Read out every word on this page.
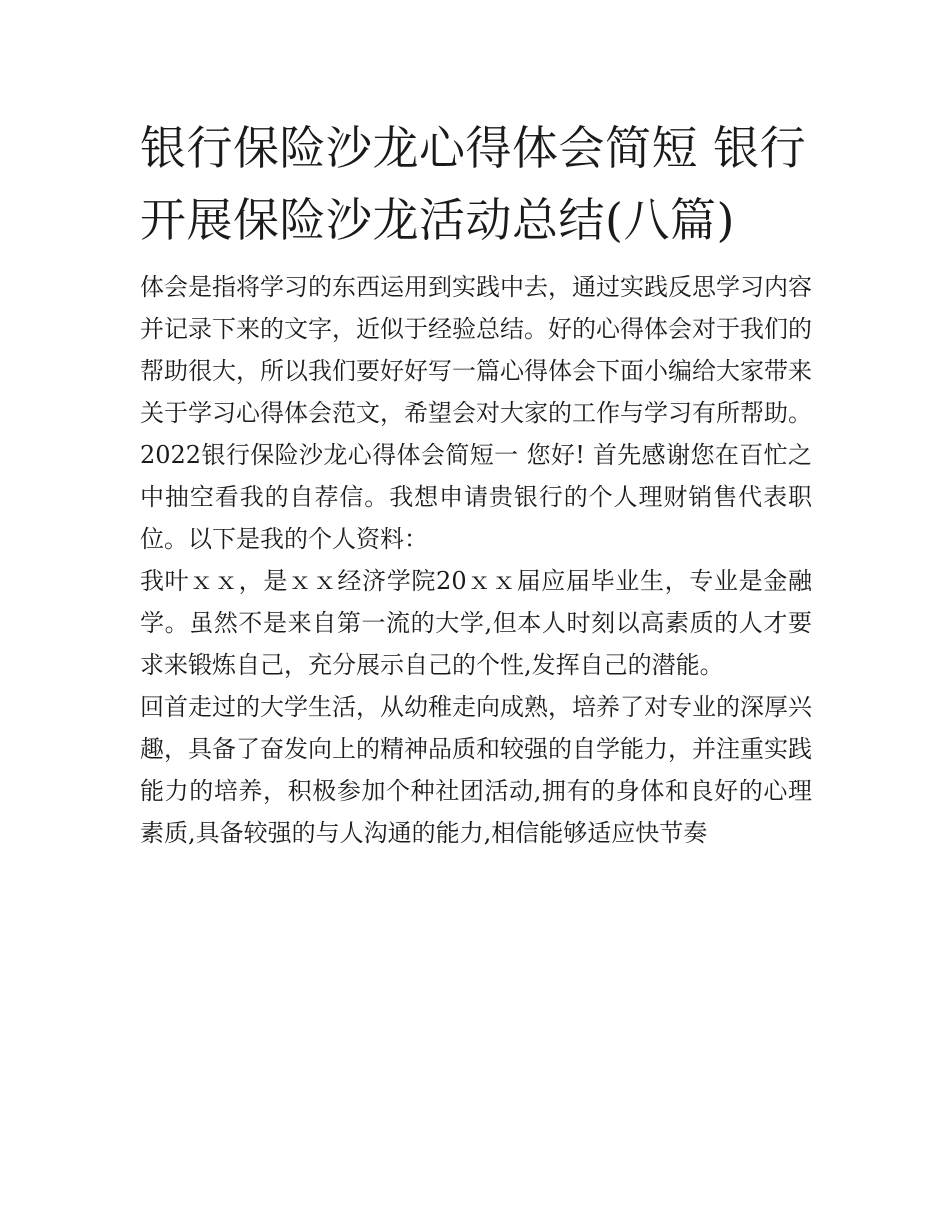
银行保险沙龙心得体会简短 银行开展保险沙龙活动总结(八篇)

体会是指将学习的东西运用到实践中去，通过实践反思学习内容并记录下来的文字，近似于经验总结。好的心得体会对于我们的帮助很大，所以我们要好好写一篇心得体会下面小编给大家带来关于学习心得体会范文，希望会对大家的工作与学习有所帮助。

2022银行保险沙龙心得体会简短一 您好! 首先感谢您在百忙之中抽空看我的自荐信。我想申请贵银行的个人理财销售代表职位。以下是我的个人资料：

我叶ｘｘ，是ｘｘ经济学院20ｘｘ届应届毕业生，专业是金融学。虽然不是来自第一流的大学,但本人时刻以高素质的人才要求来锻炼自己，充分展示自己的个性,发挥自己的潜能。

回首走过的大学生活，从幼稚走向成熟，培养了对专业的深厚兴趣，具备了奋发向上的精神品质和较强的自学能力，并注重实践能力的培养，积极参加个种社团活动,拥有的身体和良好的心理素质,具备较强的与人沟通的能力,相信能够适应快节奏
